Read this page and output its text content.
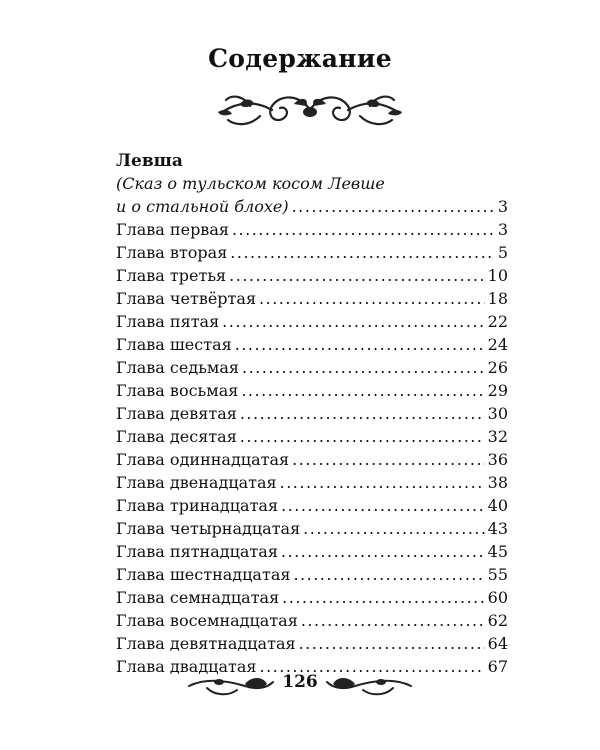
Содержание
Левша
(Сказ о тульском косом Левше
и о стальной блохе) .....	3
Глава первая .....	3
Глава вторая .....	5
Глава третья .....	10
Глава четвёртая .....	18
Глава пятая .....	22
Глава шестая .....	24
Глава седьмая .....	26
Глава восьмая .....	29
Глава девятая .....	30
Глава десятая .....	32
Глава одиннадцатая .....	36
Глава двенадцатая .....	38
Глава тринадцатая .....	40
Глава четырнадцатая .....	43
Глава пятнадцатая .....	45
Глава шестнадцатая .....	55
Глава семнадцатая .....	60
Глава восемнадцатая .....	62
Глава девятнадцатая .....	64
Глава двадцатая .....	67
126
